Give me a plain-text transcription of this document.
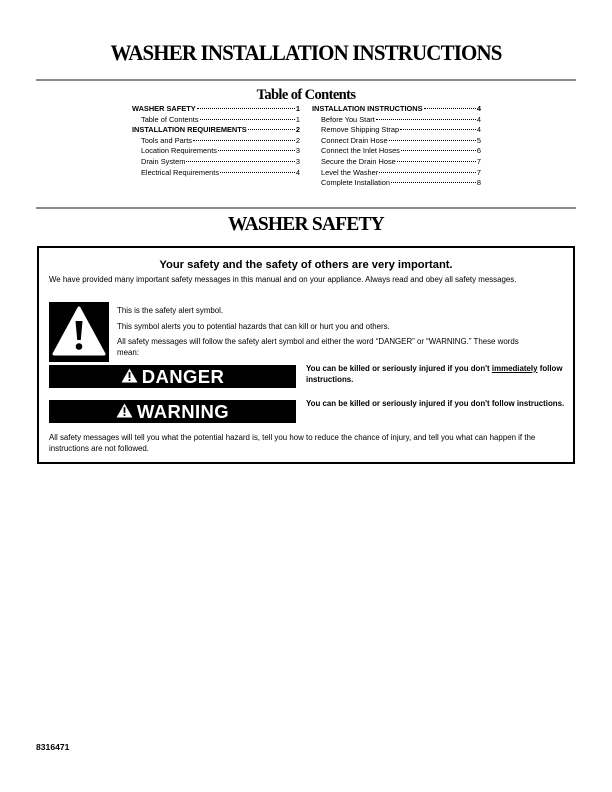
WASHER INSTALLATION INSTRUCTIONS
Table of Contents
WASHER SAFETY	1
Table of Contents	1
INSTALLATION REQUIREMENTS	2
Tools and Parts	2
Location Requirements	3
Drain System	3
Electrical Requirements	4
INSTALLATION INSTRUCTIONS	4
Before You Start	4
Remove Shipping Strap	4
Connect Drain Hose	5
Connect the Inlet Hoses	6
Secure the Drain Hose	7
Level the Washer	7
Complete Installation	8
WASHER SAFETY
Your safety and the safety of others are very important.
We have provided many important safety messages in this manual and on your appliance. Always read and obey all safety messages.
This is the safety alert symbol.
This symbol alerts you to potential hazards that can kill or hurt you and others.
All safety messages will follow the safety alert symbol and either the word “DANGER” or “WARNING.” These words mean:
DANGER	You can be killed or seriously injured if you don't immediately follow instructions.
WARNING	You can be killed or seriously injured if you don't follow instructions.
All safety messages will tell you what the potential hazard is, tell you how to reduce the chance of injury, and tell you what can happen if the instructions are not followed.
8316471
